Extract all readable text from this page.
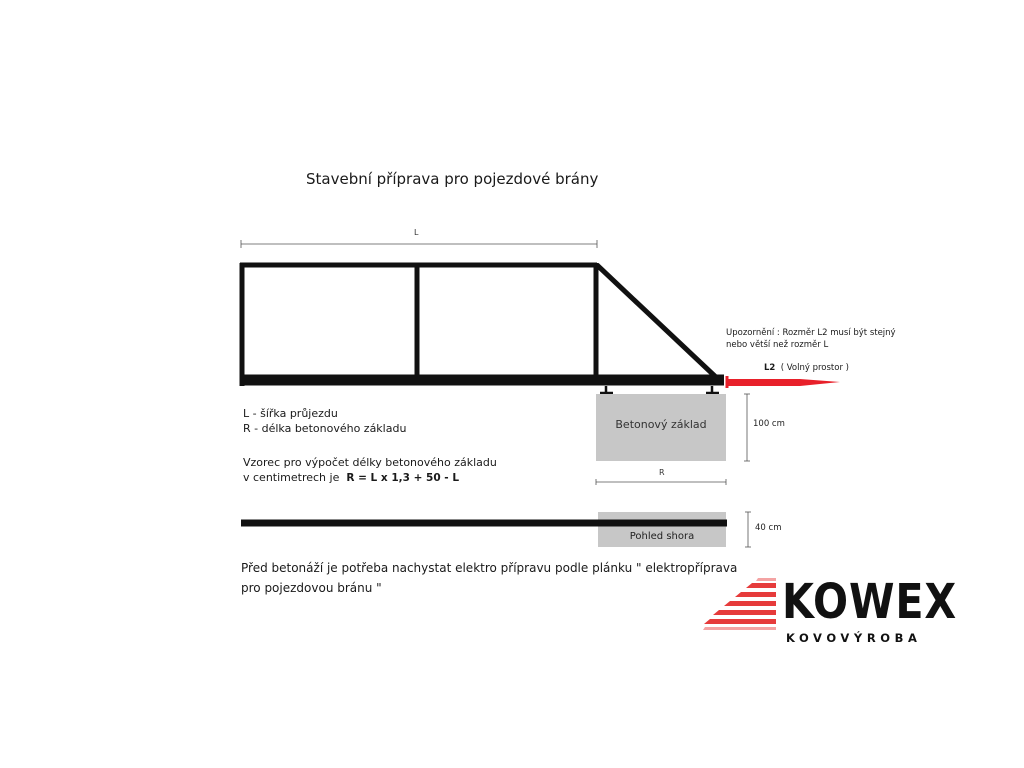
Stavební příprava pro pojezdové brány
L
R
Upozornění : Rozměr L2 musí být stejný nebo větší než rozměr L
L2 ( Volný prostor )
Betonový základ	100 cm
40 cm
Pohled shora
L - šířka průjezdu
R - délka betonového základu
Vzorec pro výpočet délky betonového základu v centimetrech je R = L x 1,3 + 50 - L
Před betonáží je potřeba nachystat elektro přípravu podle plánku " elektropříprava pro pojezdovou bránu "	KOWEX
KOVOVÝROBA
